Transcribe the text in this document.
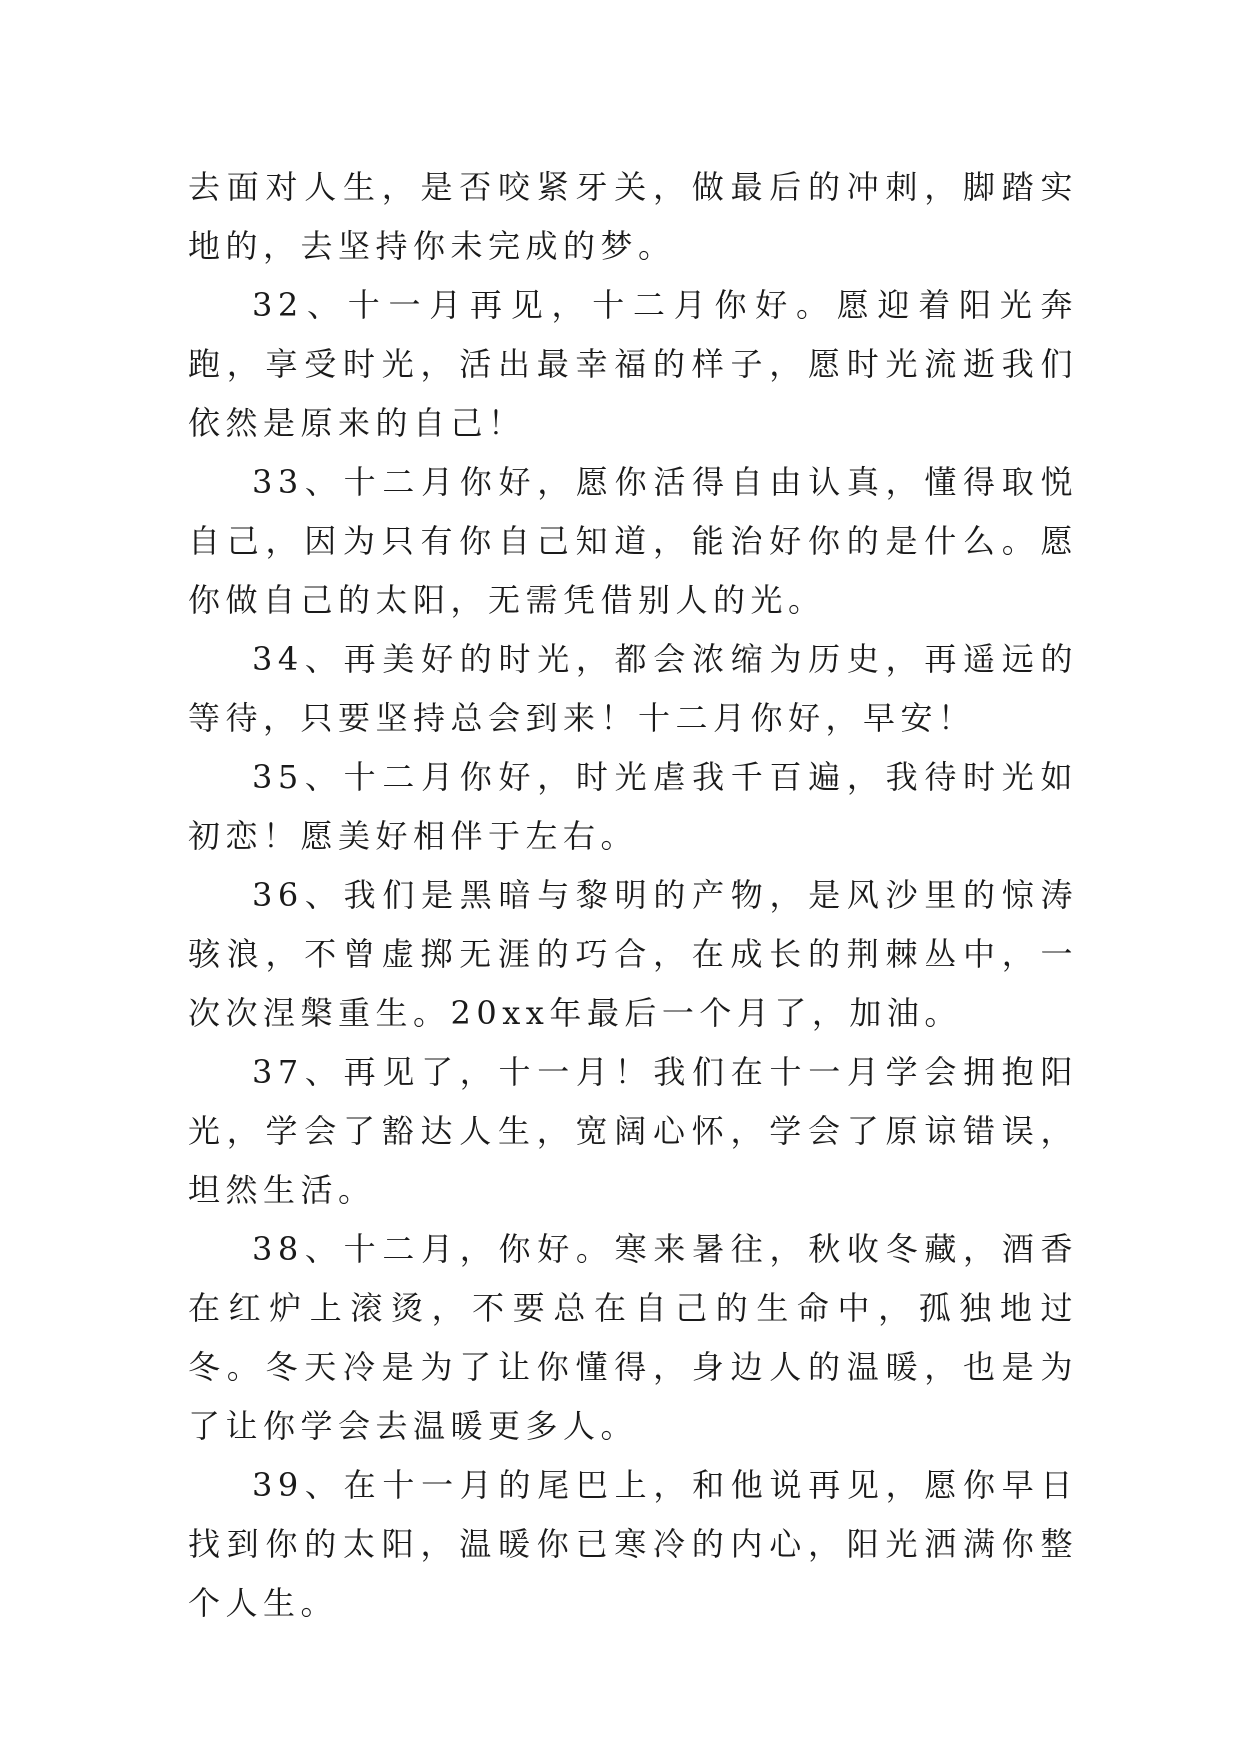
去面对人生，是否咬紧牙关，做最后的冲刺，脚踏实地的，去坚持你未完成的梦。

32、十一月再见，十二月你好。愿迎着阳光奔跑，享受时光，活出最幸福的样子，愿时光流逝我们依然是原来的自己！

33、十二月你好，愿你活得自由认真，懂得取悦自己，因为只有你自己知道，能治好你的是什么。愿你做自己的太阳，无需凭借别人的光。

34、再美好的时光，都会浓缩为历史，再遥远的等待，只要坚持总会到来！十二月你好，早安！

35、十二月你好，时光虐我千百遍，我待时光如初恋！愿美好相伴于左右。

36、我们是黑暗与黎明的产物，是风沙里的惊涛骇浪，不曾虚掷无涯的巧合，在成长的荆棘丛中，一次次涅槃重生。20xx年最后一个月了，加油。

37、再见了，十一月！我们在十一月学会拥抱阳光，学会了豁达人生，宽阔心怀，学会了原谅错误，坦然生活。

38、十二月，你好。寒来暑往，秋收冬藏，酒香在红炉上滚烫，不要总在自己的生命中，孤独地过冬。冬天冷是为了让你懂得，身边人的温暖，也是为了让你学会去温暖更多人。

39、在十一月的尾巴上，和他说再见，愿你早日找到你的太阳，温暖你已寒冷的内心，阳光洒满你整个人生。
